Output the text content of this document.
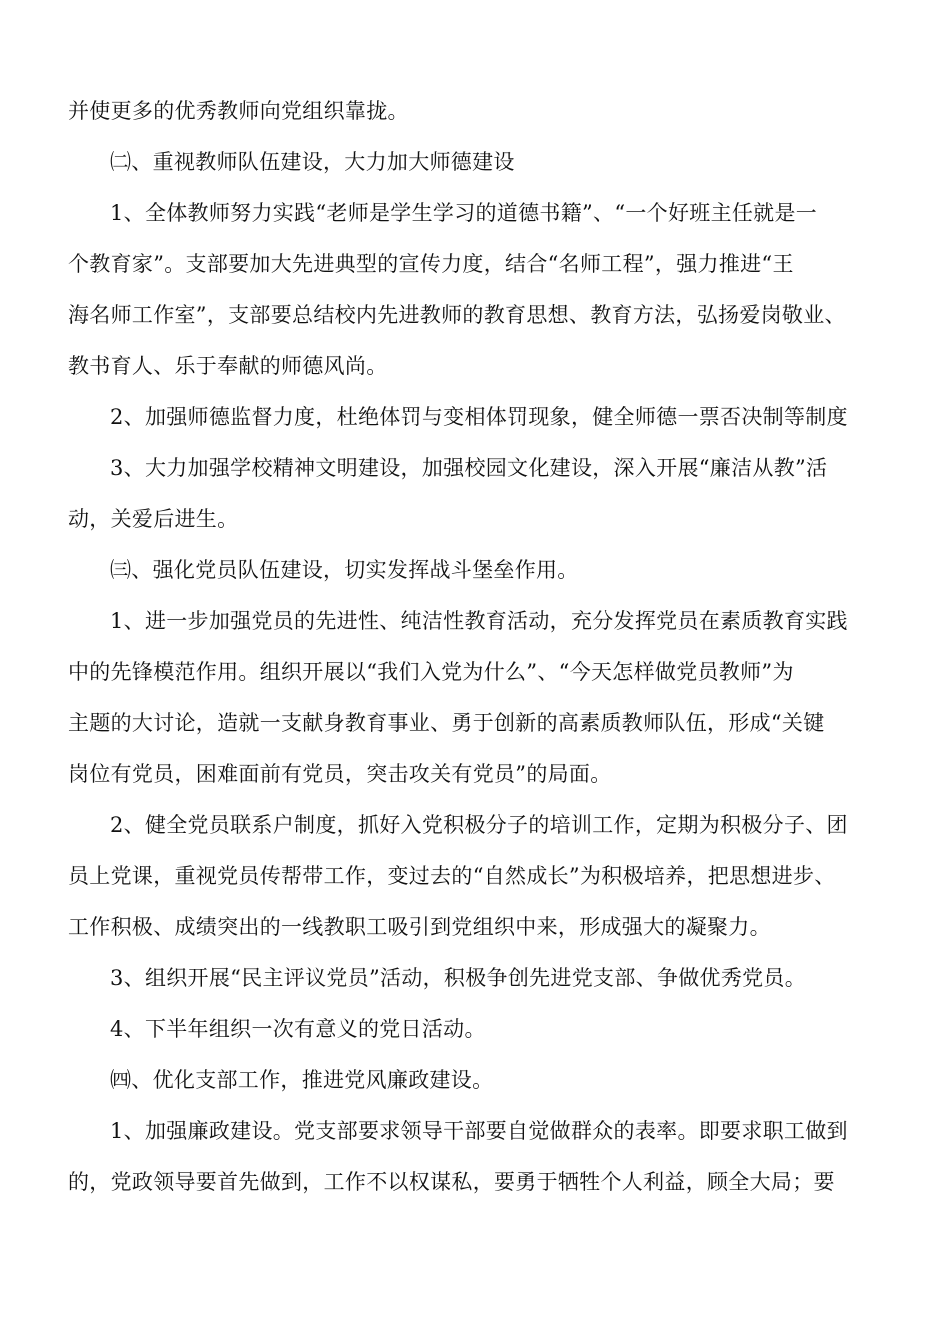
并使更多的优秀教师向党组织靠拢。
㈡、重视教师队伍建设，大力加大师德建设
1、全体教师努力实践“老师是学生学习的道德书籍”、“一个好班主任就是一
个教育家”。支部要加大先进典型的宣传力度，结合“名师工程”，强力推进“王
海名师工作室”，支部要总结校内先进教师的教育思想、教育方法，弘扬爱岗敬业、
教书育人、乐于奉献的师德风尚。
2、加强师德监督力度，杜绝体罚与变相体罚现象，健全师德一票否决制等制度
3、大力加强学校精神文明建设，加强校园文化建设，深入开展“廉洁从教”活
动，关爱后进生。
㈢、强化党员队伍建设，切实发挥战斗堡垒作用。
1、进一步加强党员的先进性、纯洁性教育活动，充分发挥党员在素质教育实践
中的先锋模范作用。组织开展以“我们入党为什么”、“今天怎样做党员教师”为
主题的大讨论，造就一支献身教育事业、勇于创新的高素质教师队伍，形成“关键
岗位有党员，困难面前有党员，突击攻关有党员”的局面。
2、健全党员联系户制度，抓好入党积极分子的培训工作，定期为积极分子、团
员上党课，重视党员传帮带工作，变过去的“自然成长”为积极培养，把思想进步、
工作积极、成绩突出的一线教职工吸引到党组织中来，形成强大的凝聚力。
3、组织开展“民主评议党员”活动，积极争创先进党支部、争做优秀党员。
4、下半年组织一次有意义的党日活动。
㈣、优化支部工作，推进党风廉政建设。
1、加强廉政建设。党支部要求领导干部要自觉做群众的表率。即要求职工做到
的，党政领导要首先做到，工作不以权谋私，要勇于牺牲个人利益，顾全大局；要
